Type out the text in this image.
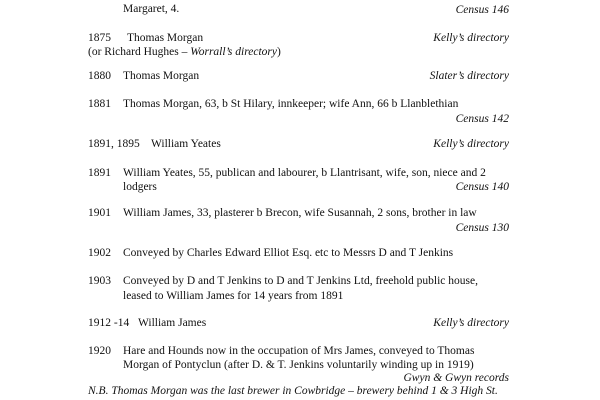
Margaret, 4.	Census 146
1875 Thomas Morgan	Kelly’s directory
(or Richard Hughes – Worrall’s directory)
1880 Thomas Morgan	Slater’s directory
1881 Thomas Morgan, 63, b St Hilary, innkeeper; wife Ann, 66 b Llanblethian
Census 142
1891, 1895 William Yeates	Kelly’s directory
1891 William Yeates, 55, publican and labourer, b Llantrisant, wife, son, niece and 2
lodgers	Census 140
1901 William James, 33, plasterer b Brecon, wife Susannah, 2 sons, brother in law
Census 130
1902 Conveyed by Charles Edward Elliot Esq. etc to Messrs D and T Jenkins
1903 Conveyed by D and T Jenkins to D and T Jenkins Ltd, freehold public house,
leased to William James for 14 years from 1891
1912 -14 William James	Kelly’s directory
1920 Hare and Hounds now in the occupation of Mrs James, conveyed to Thomas
Morgan of Pontyclun (after D. & T. Jenkins voluntarily winding up in 1919)
Gwyn & Gwyn records
N.B. Thomas Morgan was the last brewer in Cowbridge – brewery behind 1 & 3 High St.
